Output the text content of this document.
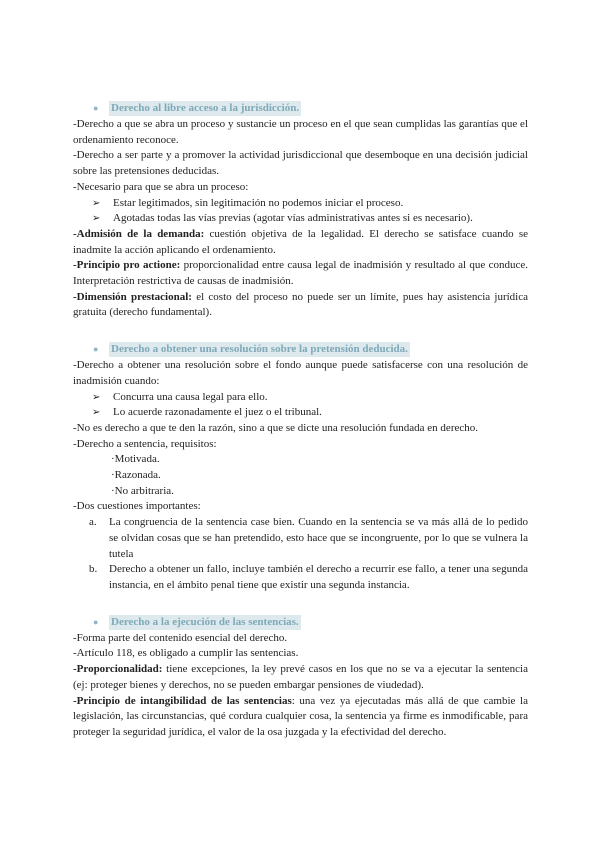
● Derecho al libre acceso a la jurisdicción.

-Derecho a que se abra un proceso y sustancie un proceso en el que sean cumplidas las garantías que el ordenamiento reconoce.

-Derecho a ser parte y a promover la actividad jurisdiccional que desemboque en una decisión judicial sobre las pretensiones deducidas.

-Necesario para que se abra un proceso:

➢ Estar legitimados, sin legitimación no podemos iniciar el proceso.

➢ Agotadas todas las vías previas (agotar vías administrativas antes si es necesario).

-Admisión de la demanda: cuestión objetiva de la legalidad. El derecho se satisface cuando se inadmite la acción aplicando el ordenamiento.

-Principio pro actione: proporcionalidad entre causa legal de inadmisión y resultado al que conduce. Interpretación restrictiva de causas de inadmisión.

-Dimensión prestacional: el costo del proceso no puede ser un límite, pues hay asistencia jurídica gratuita (derecho fundamental).

● Derecho a obtener una resolución sobre la pretensión deducida.

-Derecho a obtener una resolución sobre el fondo aunque puede satisfacerse con una resolución de inadmisión cuando:

➢ Concurra una causa legal para ello.

➢ Lo acuerde razonadamente el juez o el tribunal.

-No es derecho a que te den la razón, sino a que se dicte una resolución fundada en derecho.

-Derecho a sentencia, requisitos:

·Motivada.

·Razonada.

·No arbitraria.

-Dos cuestiones importantes:

a. La congruencia de la sentencia case bien. Cuando en la sentencia se va más allá de lo pedido se olvidan cosas que se han pretendido, esto hace que se incongruente, por lo que se vulnera la tutela

b. Derecho a obtener un fallo, incluye también el derecho a recurrir ese fallo, a tener una segunda instancia, en el ámbito penal tiene que existir una segunda instancia.

● Derecho a la ejecución de las sentencias.

-Forma parte del contenido esencial del derecho.

-Artículo 118, es obligado a cumplir las sentencias.

-Proporcionalidad: tiene excepciones, la ley prevé casos en los que no se va a ejecutar la sentencia (ej: proteger bienes y derechos, no se pueden embargar pensiones de viudedad).

-Principio de intangibilidad de las sentencias: una vez ya ejecutadas más allá de que cambie la legislación, las circunstancias, qué cordura cualquier cosa, la sentencia ya firme es inmodificable, para proteger la seguridad jurídica, el valor de la osa juzgada y la efectividad del derecho.
